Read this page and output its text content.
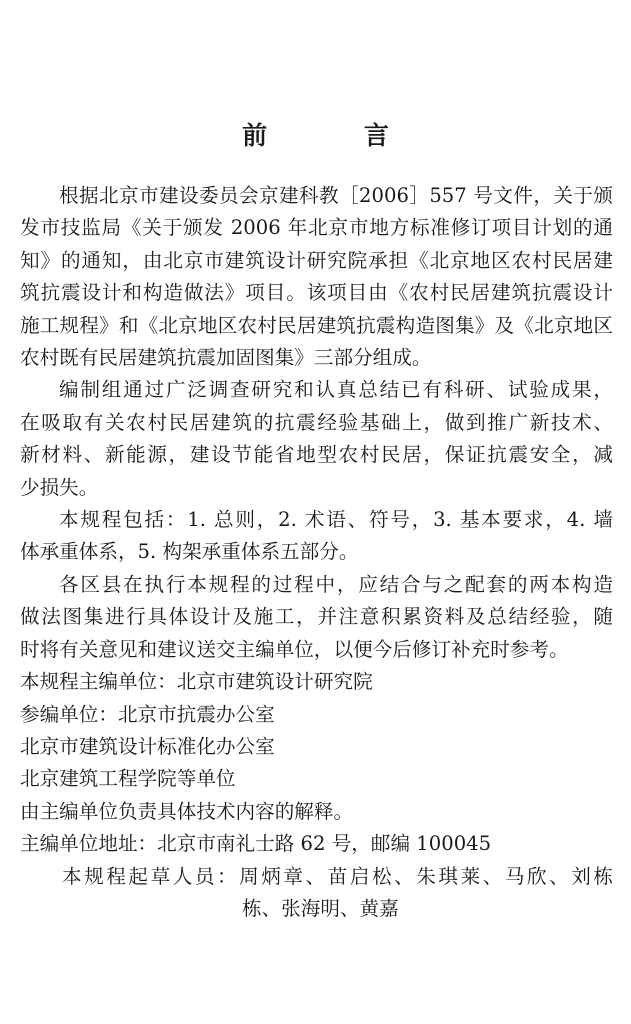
前 言

根据北京市建设委员会京建科教［2006］557 号文件，关于颁
发市技监局《关于颁发 2006 年北京市地方标准修订项目计划的通
知》的通知，由北京市建筑设计研究院承担《北京地区农村民居建
筑抗震设计和构造做法》项目。该项目由《农村民居建筑抗震设计
施工规程》和《北京地区农村民居建筑抗震构造图集》及《北京地区
农村既有民居建筑抗震加固图集》三部分组成。

编制组通过广泛调查研究和认真总结已有科研、试验成果，
在吸取有关农村民居建筑的抗震经验基础上，做到推广新技术、
新材料、新能源，建设节能省地型农村民居，保证抗震安全，减
少损失。

本规程包括：1. 总则，2. 术语、符号，3. 基本要求，4. 墙
体承重体系，5. 构架承重体系五部分。

各区县在执行本规程的过程中，应结合与之配套的两本构造
做法图集进行具体设计及施工，并注意积累资料及总结经验，随
时将有关意见和建议送交主编单位，以便今后修订补充时参考。

本规程主编单位：北京市建筑设计研究院

参编单位：北京市抗震办公室

北京市建筑设计标准化办公室

北京建筑工程学院等单位

由主编单位负责具体技术内容的解释。

主编单位地址：北京市南礼士路 62 号，邮编 100045

本规程起草人员：周炳章、苗启松、朱琪莱、马欣、刘栋
栋、张海明、黄嘉
